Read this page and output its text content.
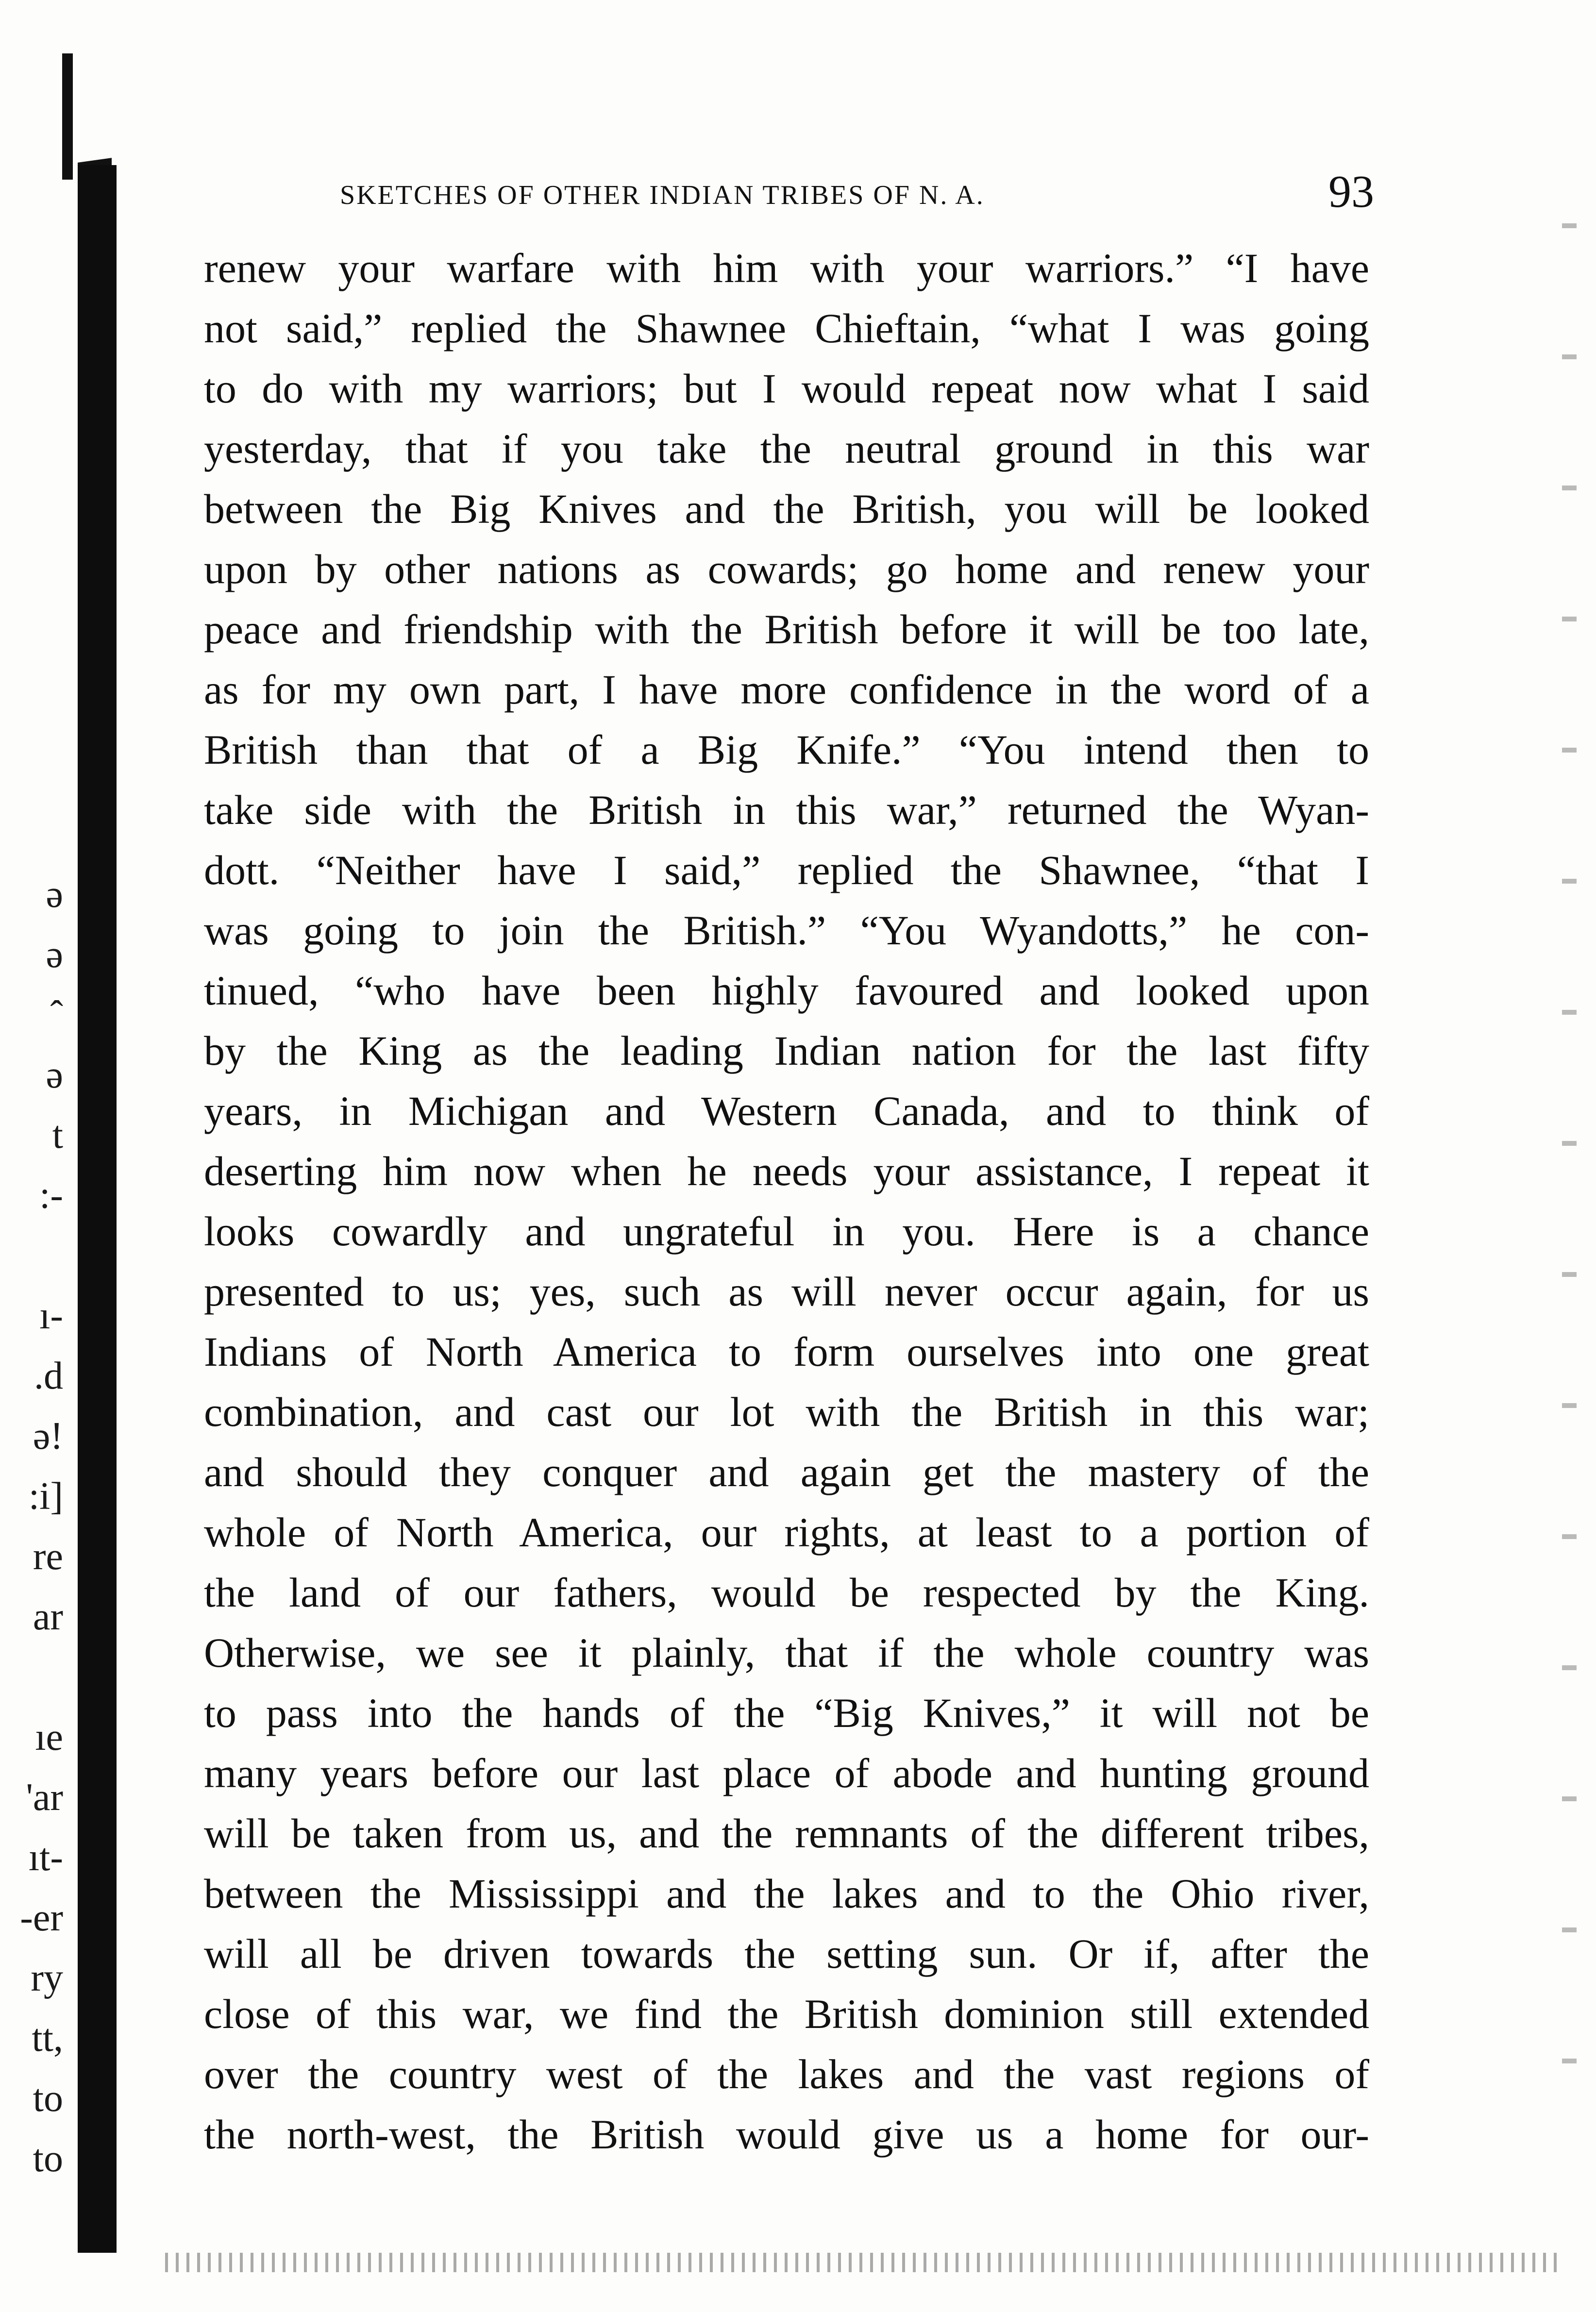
ə
ə
ˆ
ə
t
:-
ı-
.d
ə!
:i]
re
ar
ıe
'ar
ıt-
-er
ry
tt,
to
to
SKETCHES OF OTHER INDIAN TRIBES OF N. A.	93
renew your warfare with him with your warriors.” “I have
not said,” replied the Shawnee Chieftain, “what I was going
to do with my warriors; but I would repeat now what I said
yesterday, that if you take the neutral ground in this war
between the Big Knives and the British, you will be looked
upon by other nations as cowards; go home and renew your
peace and friendship with the British before it will be too late,
as for my own part, I have more confidence in the word of a
British than that of a Big Knife.” “You intend then to
take side with the British in this war,” returned the Wyan-
dott. “Neither have I said,” replied the Shawnee, “that I
was going to join the British.” “You Wyandotts,” he con-
tinued, “who have been highly favoured and looked upon
by the King as the leading Indian nation for the last fifty
years, in Michigan and Western Canada, and to think of
deserting him now when he needs your assistance, I repeat it
looks cowardly and ungrateful in you. Here is a chance
presented to us; yes, such as will never occur again, for us
Indians of North America to form ourselves into one great
combination, and cast our lot with the British in this war;
and should they conquer and again get the mastery of the
whole of North America, our rights, at least to a portion of
the land of our fathers, would be respected by the King.
Otherwise, we see it plainly, that if the whole country was
to pass into the hands of the “Big Knives,” it will not be
many years before our last place of abode and hunting ground
will be taken from us, and the remnants of the different tribes,
between the Mississippi and the lakes and to the Ohio river,
will all be driven towards the setting sun. Or if, after the
close of this war, we find the British dominion still extended
over the country west of the lakes and the vast regions of
the north-west, the British would give us a home for our-
